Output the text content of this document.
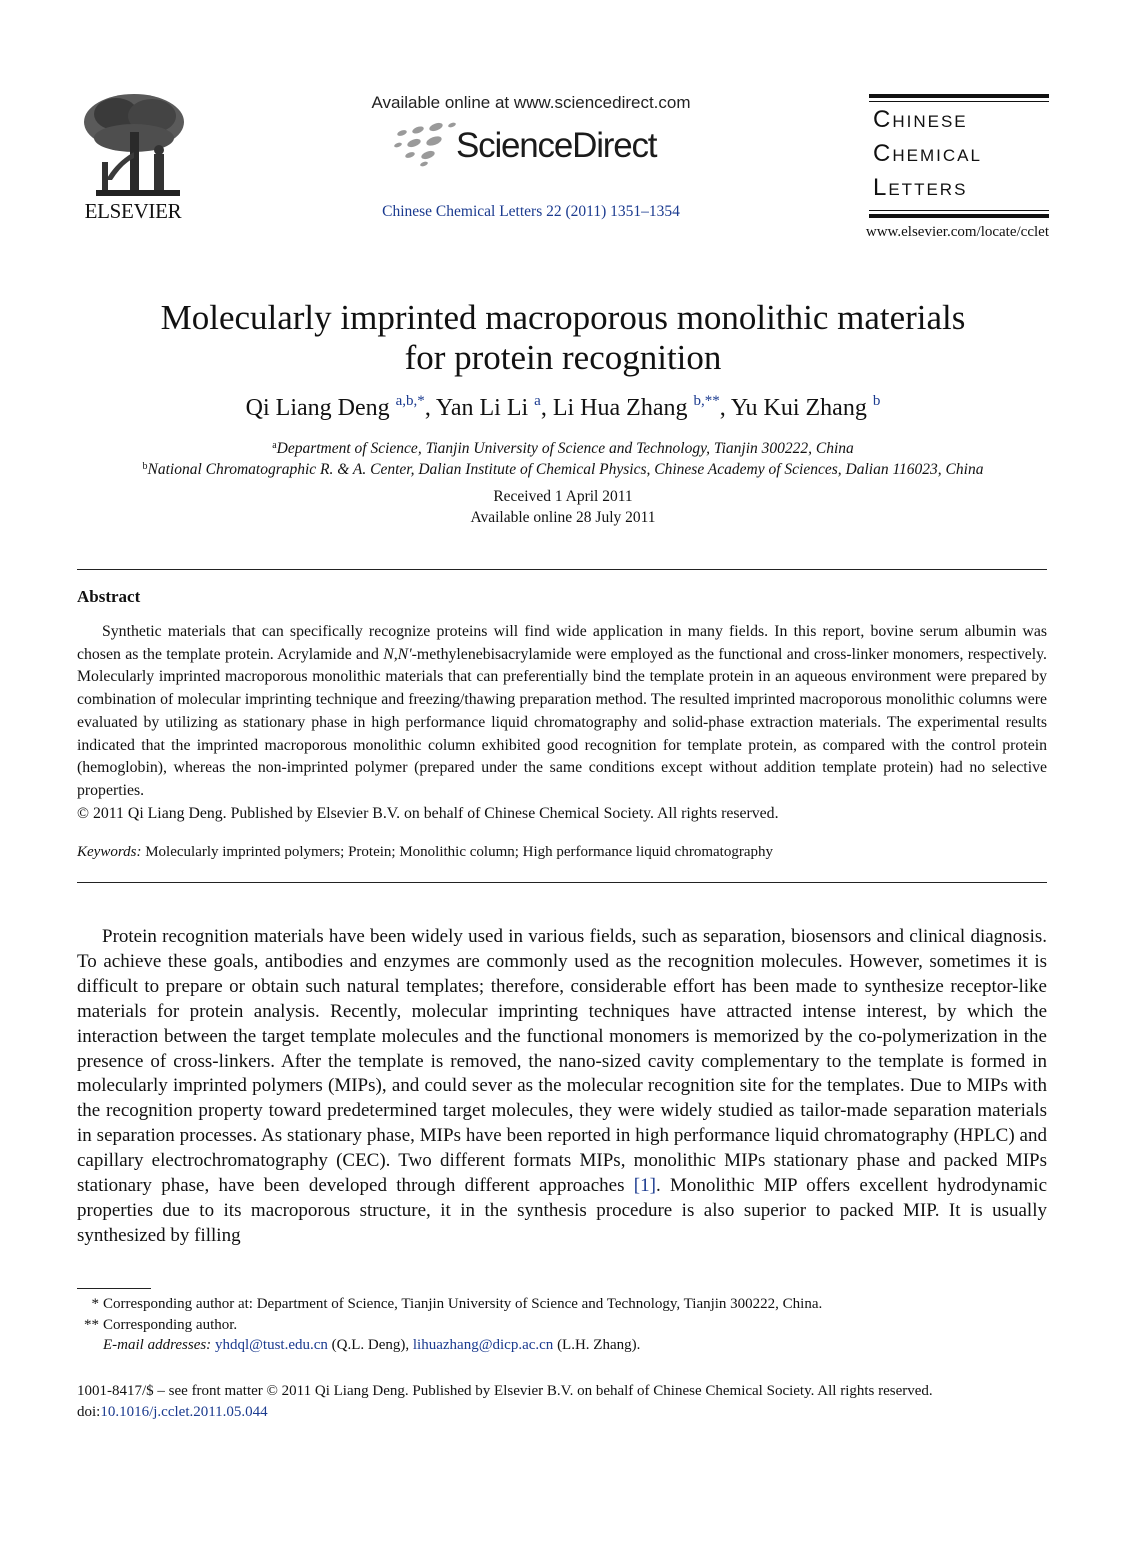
ELSEVIER
Available online at www.sciencedirect.com
ScienceDirect
Chinese Chemical Letters 22 (2011) 1351–1354
Chinese
Chemical
Letters
www.elsevier.com/locate/cclet
Molecularly imprinted macroporous monolithic materials
for protein recognition
Qi Liang Deng $^{a,b,*}$, Yan Li Li $^a$, Li Hua Zhang $^{b,**}$, Yu Kui Zhang $^b$
$^a$Department of Science, Tianjin University of Science and Technology, Tianjin 300222, China
$^b$National Chromatographic R. & A. Center, Dalian Institute of Chemical Physics, Chinese Academy of Sciences, Dalian 116023, China
Received 1 April 2011
Available online 28 July 2011
Abstract
Synthetic materials that can specifically recognize proteins will find wide application in many fields. In this report, bovine serum albumin was chosen as the template protein. Acrylamide and N,N′-methylenebisacrylamide were employed as the functional and cross-linker monomers, respectively. Molecularly imprinted macroporous monolithic materials that can preferentially bind the template protein in an aqueous environment were prepared by combination of molecular imprinting technique and freezing/thawing preparation method. The resulted imprinted macroporous monolithic columns were evaluated by utilizing as stationary phase in high performance liquid chromatography and solid-phase extraction materials. The experimental results indicated that the imprinted macroporous monolithic column exhibited good recognition for template protein, as compared with the control protein (hemoglobin), whereas the non-imprinted polymer (prepared under the same conditions except without addition template protein) had no selective properties.
© 2011 Qi Liang Deng. Published by Elsevier B.V. on behalf of Chinese Chemical Society. All rights reserved.
Keywords: Molecularly imprinted polymers; Protein; Monolithic column; High performance liquid chromatography
Protein recognition materials have been widely used in various fields, such as separation, biosensors and clinical diagnosis. To achieve these goals, antibodies and enzymes are commonly used as the recognition molecules. However, sometimes it is difficult to prepare or obtain such natural templates; therefore, considerable effort has been made to synthesize receptor-like materials for protein analysis. Recently, molecular imprinting techniques have attracted intense interest, by which the interaction between the target template molecules and the functional monomers is memorized by the co-polymerization in the presence of cross-linkers. After the template is removed, the nano-sized cavity complementary to the template is formed in molecularly imprinted polymers (MIPs), and could sever as the molecular recognition site for the templates. Due to MIPs with the recognition property toward predetermined target molecules, they were widely studied as tailor-made separation materials in separation processes. As stationary phase, MIPs have been reported in high performance liquid chromatography (HPLC) and capillary electrochromatography (CEC). Two different formats MIPs, monolithic MIPs stationary phase and packed MIPs stationary phase, have been developed through different approaches [1]. Monolithic MIP offers excellent hydrodynamic properties due to its macroporous structure, it in the synthesis procedure is also superior to packed MIP. It is usually synthesized by filling
* Corresponding author at: Department of Science, Tianjin University of Science and Technology, Tianjin 300222, China.
** Corresponding author.
E-mail addresses: yhdql@tust.edu.cn (Q.L. Deng), lihuazhang@dicp.ac.cn (L.H. Zhang).
1001-8417/$ – see front matter © 2011 Qi Liang Deng. Published by Elsevier B.V. on behalf of Chinese Chemical Society. All rights reserved.
doi:10.1016/j.cclet.2011.05.044
